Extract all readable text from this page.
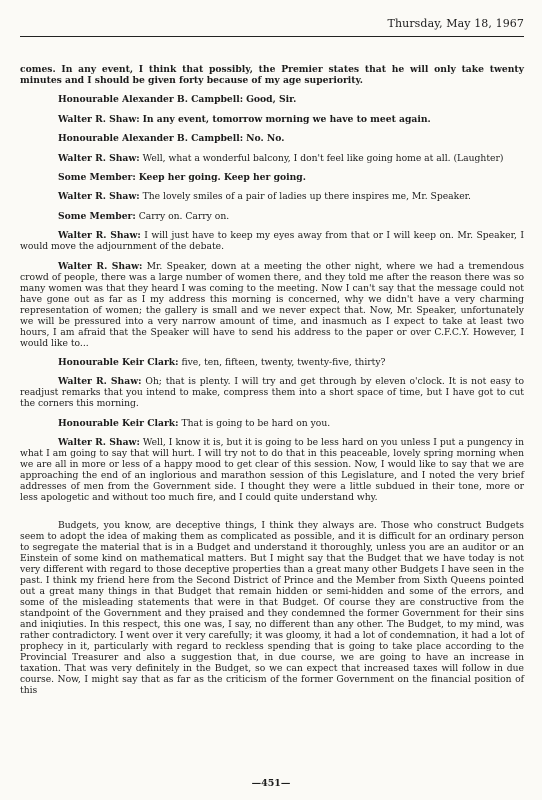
Thursday, May 18, 1967

comes. In any event, I think that possibly, the Premier states that he will only take twenty minutes and I should be given forty because of my age superiority.

Honourable Alexander B. Campbell: Good, Sir.

Walter R. Shaw: In any event, tomorrow morning we have to meet again.

Honourable Alexander B. Campbell: No. No.

Walter R. Shaw: Well, what a wonderful balcony, I don't feel like going home at all. (Laughter)

Some Member: Keep her going. Keep her going.

Walter R. Shaw: The lovely smiles of a pair of ladies up there inspires me, Mr. Speaker.

Some Member: Carry on. Carry on.

Walter R. Shaw: I will just have to keep my eyes away from that or I will keep on. Mr. Speaker, I would move the adjournment of the debate.

Walter R. Shaw: Mr. Speaker, down at a meeting the other night, where we had a tremendous crowd of people, there was a large number of women there, and they told me after the reason there was so many women was that they heard I was coming to the meeting. Now I can't say that the message could not have gone out as far as I my address this morning is concerned, why we didn't have a very charming representation of women; the gallery is small and we never expect that. Now, Mr. Speaker, unfortunately we will be pressured into a very narrow amount of time, and inasmuch as I expect to take at least two hours, I am afraid that the Speaker will have to send his address to the paper or over C.F.C.Y. However, I would like to...

Honourable Keir Clark: five, ten, fifteen, twenty, twenty-five, thirty?

Walter R. Shaw: Oh; that is plenty. I will try and get through by eleven o'clock. It is not easy to readjust remarks that you intend to make, compress them into a short space of time, but I have got to cut the corners this morning.

Honourable Keir Clark: That is going to be hard on you.

Walter R. Shaw: Well, I know it is, but it is going to be less hard on you unless I put a pungency in what I am going to say that will hurt. I will try not to do that in this peaceable, lovely spring morning when we are all in more or less of a happy mood to get clear of this session. Now, I would like to say that we are approaching the end of an inglorious and marathon session of this Legislature, and I noted the very brief addresses of men from the Government side. I thought they were a little subdued in their tone, more or less apologetic and without too much fire, and I could quite understand why.

Budgets, you know, are deceptive things, I think they always are. Those who construct Budgets seem to adopt the idea of making them as complicated as possible, and it is difficult for an ordinary person to segregate the material that is in a Budget and understand it thoroughly, unless you are an auditor or an Einstein of some kind on mathematical matters. But I might say that the Budget that we have today is not very different with regard to those deceptive properties than a great many other Budgets I have seen in the past. I think my friend here from the Second District of Prince and the Member from Sixth Queens pointed out a great many things in that Budget that remain hidden or semi-hidden and some of the errors, and some of the misleading statements that were in that Budget. Of course they are constructive from the standpoint of the Government and they praised and they condemned the former Government for their sins and iniqiuties. In this respect, this one was, I say, no different than any other. The Budget, to my mind, was rather contradictory. I went over it very carefully; it was gloomy, it had a lot of condemnation, it had a lot of prophecy in it, particularly with regard to reckless spending that is going to take place according to the Provincial Treasurer and also a suggestion that, in due course, we are going to have an increase in taxation. That was very definitely in the Budget, so we can expect that increased taxes will follow in due course. Now, I might say that as far as the criticism of the former Government on the financial position of this

—451—
